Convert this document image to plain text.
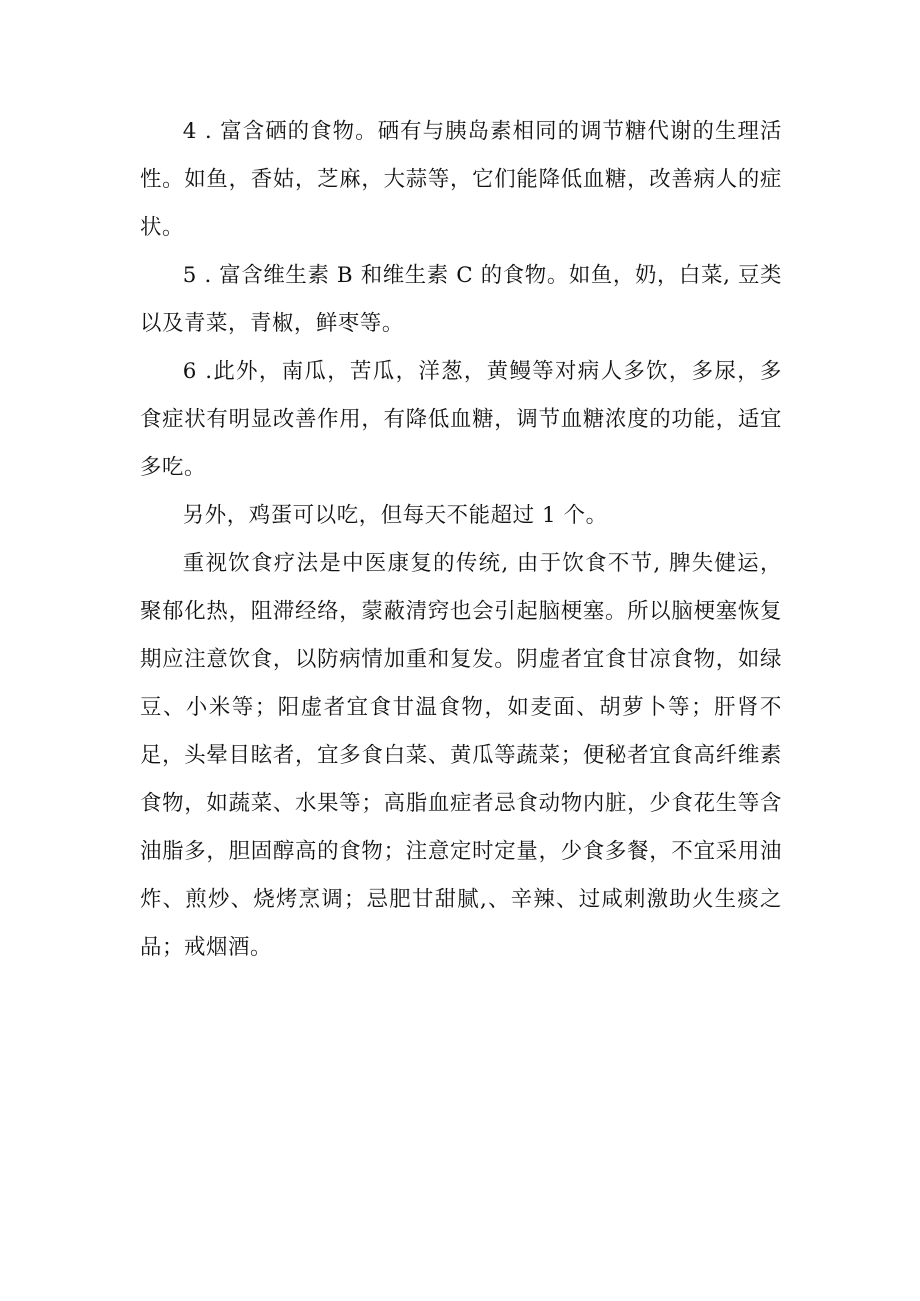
4 . 富含硒的食物。硒有与胰岛素相同的调节糖代谢的生理活性。如鱼，香姑，芝麻，大蒜等，它们能降低血糖，改善病人的症状。

5 . 富含维生素 B 和维生素 C 的食物。如鱼，奶，白菜, 豆类以及青菜，青椒，鲜枣等。

6 .此外，南瓜，苦瓜，洋葱，黄鳗等对病人多饮，多尿，多食症状有明显改善作用，有降低血糖，调节血糖浓度的功能，适宜多吃。

另外，鸡蛋可以吃，但每天不能超过 1 个。

重视饮食疗法是中医康复的传统, 由于饮食不节, 脾失健运，聚郁化热，阻滞经络，蒙蔽清窍也会引起脑梗塞。所以脑梗塞恢复期应注意饮食，以防病情加重和复发。阴虚者宜食甘凉食物，如绿豆、小米等；阳虚者宜食甘温食物，如麦面、胡萝卜等；肝肾不足，头晕目眩者，宜多食白菜、黄瓜等蔬菜；便秘者宜食高纤维素食物，如蔬菜、水果等；高脂血症者忌食动物内脏，少食花生等含油脂多，胆固醇高的食物；注意定时定量，少食多餐，不宜采用油炸、煎炒、烧烤烹调；忌肥甘甜腻,、辛辣、过咸刺激助火生痰之品；戒烟酒。
